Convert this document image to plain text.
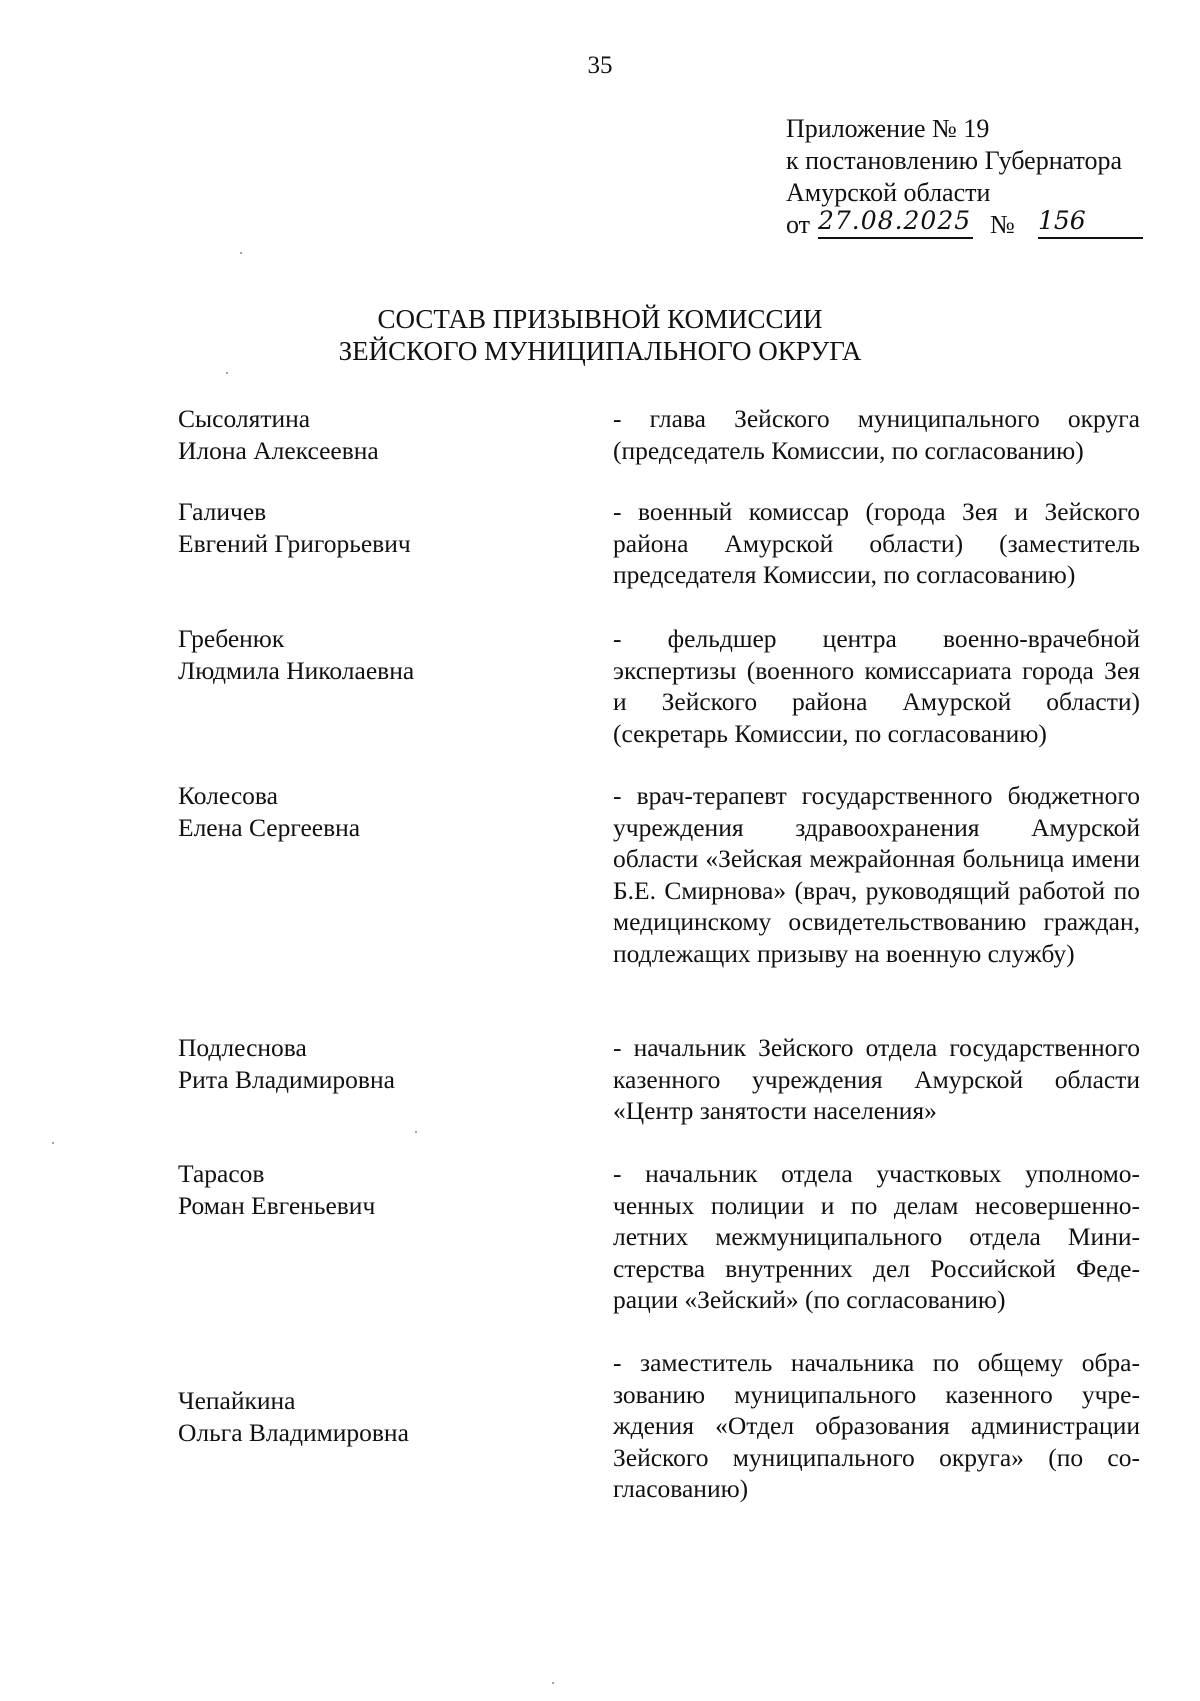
35
Приложение № 19
к постановлению Губернатора
Амурской области
от 27.08.2025 № 156
СОСТАВ ПРИЗЫВНОЙ КОМИССИИ
ЗЕЙСКОГО МУНИЦИПАЛЬНОГО ОКРУГА
Сысолятина
Илона Алексеевна
- глава Зейского муниципального округа (председатель Комиссии, по согласованию)
Галичев
Евгений Григорьевич
- военный комиссар (города Зея и Зейского района Амурской области) (заместитель председателя Комиссии, по согласованию)
Гребенюк
Людмила Николаевна
- фельдшер центра военно-врачебной экспертизы (военного комиссариата города Зея и Зейского района Амурской области) (секретарь Комиссии, по согласованию)
Колесова
Елена Сергеевна
- врач-терапевт государственного бюджетного учреждения здравоохранения Амурской области «Зейская межрайонная больница имени Б.Е. Смирнова» (врач, руководящий работой по медицинскому освидетельствованию граждан, подлежащих призыву на военную службу)
Подлеснова
Рита Владимировна
- начальник Зейского отдела государственного казенного учреждения Амурской области «Центр занятости населения»
Тарасов
Роман Евгеньевич
- начальник отдела участковых уполномоченных полиции и по делам несовершеннолетних межмуниципального отдела Министерства внутренних дел Российской Федерации «Зейский» (по согласованию)
Чепайкина
Ольга Владимировна
- заместитель начальника по общему образованию муниципального казенного учреждения «Отдел образования администрации Зейского муниципального округа» (по согласованию)
